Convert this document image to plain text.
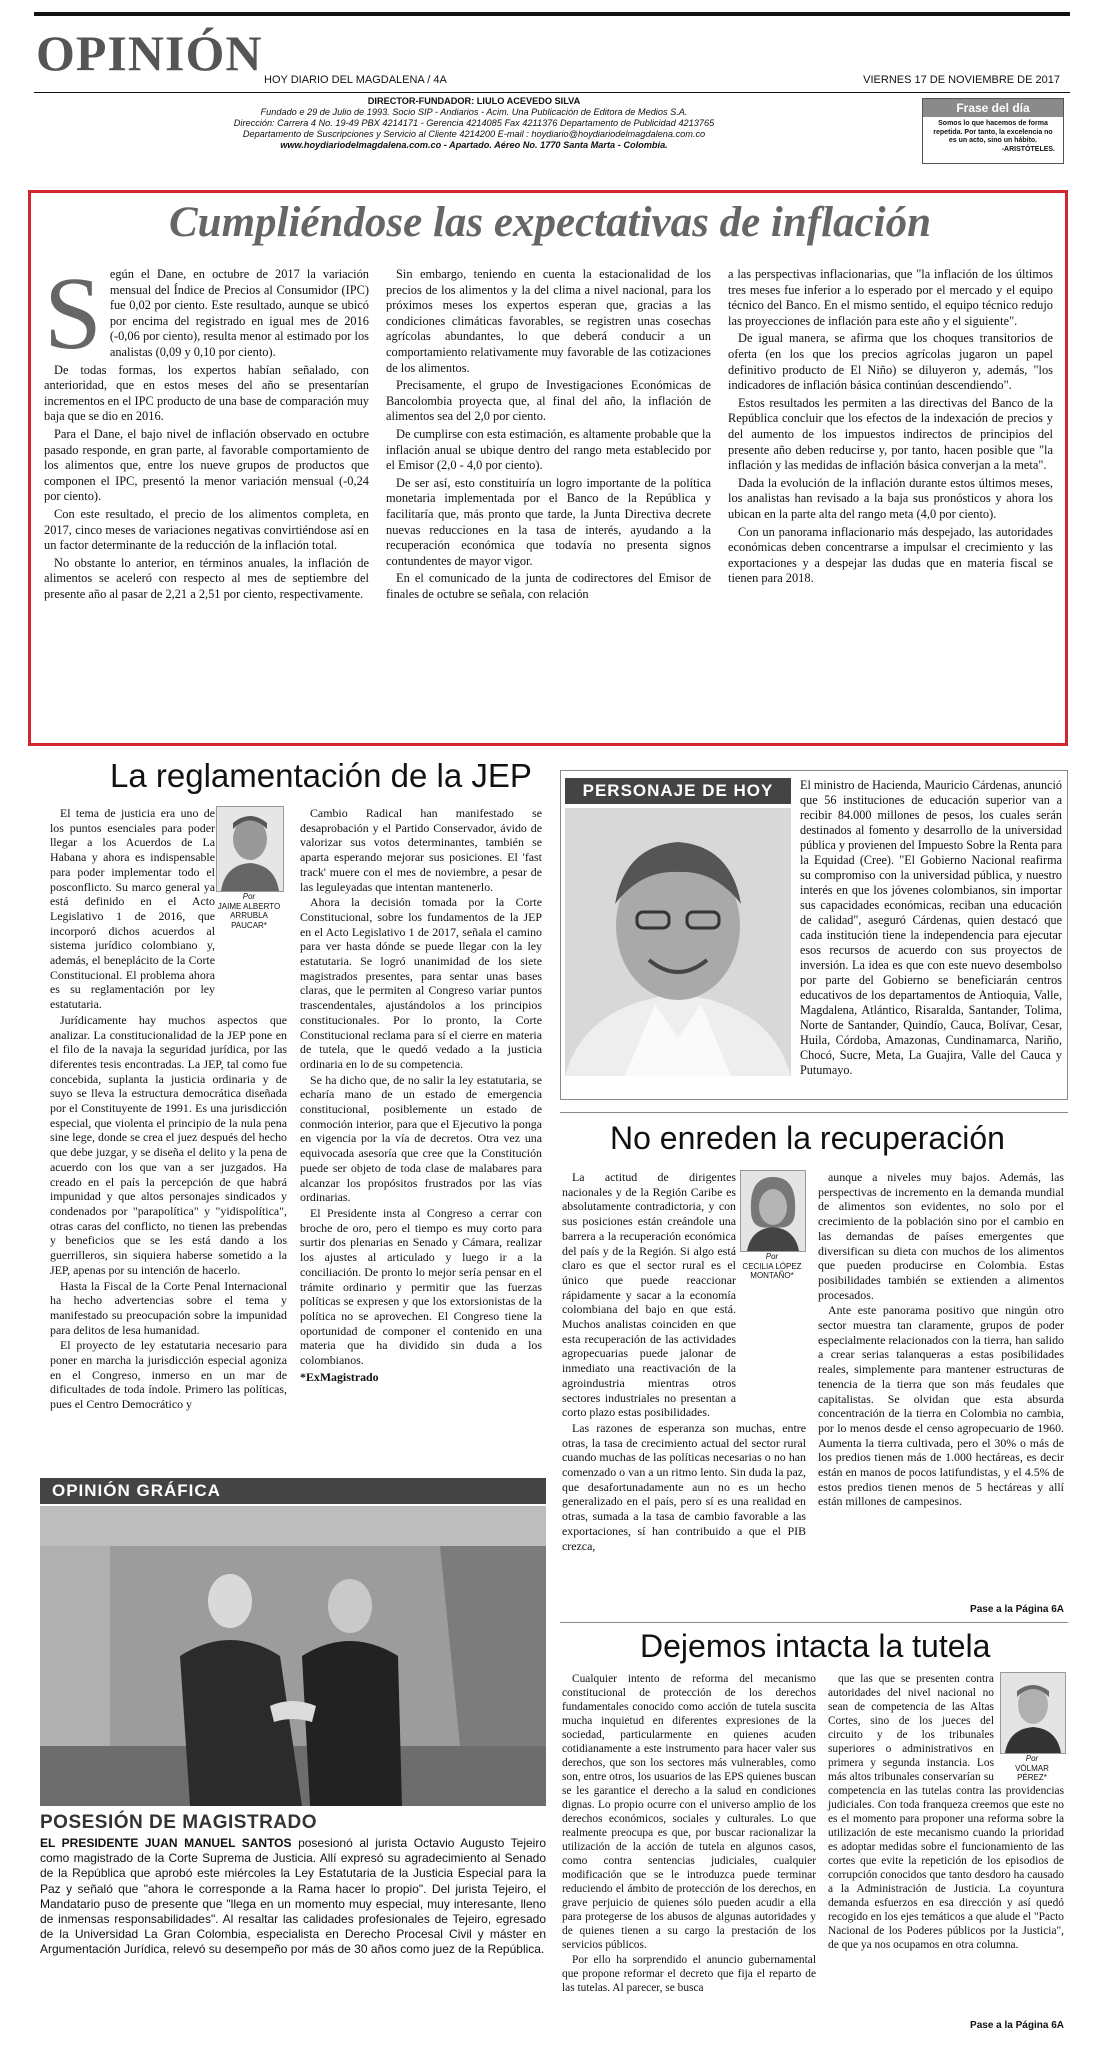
OPINIÓN HOY DIARIO DEL MAGDALENA / 4A	VIERNES 17 DE NOVIEMBRE DE 2017
DIRECTOR-FUNDADOR: LIULO ACEVEDO SILVA
Fundado e 29 de Julio de 1993. Socio SIP - Andiarios - Acim. Una Publicación de Editora de Medios S.A.
Dirección: Carrera 4 No. 19-49 PBX 4214171 - Gerencia 4214085 Fax 4211376 Departamento de Publicidad 4213765
Departamento de Suscripciones y Servicio al Cliente 4214200 E-mail : hoydiario@hoydiariodelmagdalena.com.co
www.hoydiariodelmagdalena.com.co - Apartado. Aéreo No. 1770 Santa Marta - Colombia.
Frase del día
Somos lo que hacemos de forma repetida. Por tanto, la excelencia no es un acto, sino un hábito.
-ARISTÓTELES.
Cumpliéndose las expectativas de inflación
S egún el Dane, en octubre de 2017 la variación mensual del Índice de Precios al Consumidor (IPC) fue 0,02 por ciento. Este resultado, aunque se ubicó por encima del registrado en igual mes de 2016 (-0,06 por ciento), resulta menor al estimado por los analistas (0,09 y 0,10 por ciento).

De todas formas, los expertos habían señalado, con anterioridad, que en estos meses del año se presentarían incrementos en el IPC producto de una base de comparación muy baja que se dio en 2016.

Para el Dane, el bajo nivel de inflación observado en octubre pasado responde, en gran parte, al favorable comportamiento de los alimentos que, entre los nueve grupos de productos que componen el IPC, presentó la menor variación mensual (-0,24 por ciento).

Con este resultado, el precio de los alimentos completa, en 2017, cinco meses de variaciones negativas convirtiéndose así en un factor determinante de la reducción de la inflación total.

No obstante lo anterior, en términos anuales, la inflación de alimentos se aceleró con respecto al mes de septiembre del presente año al pasar de 2,21 a 2,51 por ciento, respectivamente.

Sin embargo, teniendo en cuenta la estacionalidad de los precios de los alimentos y la del clima a nivel nacional, para los próximos meses los expertos esperan que, gracias a las condiciones climáticas favorables, se registren unas cosechas agrícolas abundantes, lo que deberá conducir a un comportamiento relativamente muy favorable de las cotizaciones de los alimentos.

Precisamente, el grupo de Investigaciones Económicas de Bancolombia proyecta que, al final del año, la inflación de alimentos sea del 2,0 por ciento.

De cumplirse con esta estimación, es altamente probable que la inflación anual se ubique dentro del rango meta establecido por el Emisor (2,0 - 4,0 por ciento).

De ser así, esto constituiría un logro importante de la política monetaria implementada por el Banco de la República y facilitaría que, más pronto que tarde, la Junta Directiva decrete nuevas reducciones en la tasa de interés, ayudando a la recuperación económica que todavía no presenta signos contundentes de mayor vigor.

En el comunicado de la junta de codirectores del Emisor de finales de octubre se señala, con relación

a las perspectivas inflacionarias, que "la inflación de los últimos tres meses fue inferior a lo esperado por el mercado y el equipo técnico del Banco. En el mismo sentido, el equipo técnico redujo las proyecciones de inflación para este año y el siguiente".

De igual manera, se afirma que los choques transitorios de oferta (en los que los precios agrícolas jugaron un papel definitivo producto de El Niño) se diluyeron y, además, "los indicadores de inflación básica continúan descendiendo".

Estos resultados les permiten a las directivas del Banco de la República concluir que los efectos de la indexación de precios y del aumento de los impuestos indirectos de principios del presente año deben reducirse y, por tanto, hacen posible que "la inflación y las medidas de inflación básica converjan a la meta".

Dada la evolución de la inflación durante estos últimos meses, los analistas han revisado a la baja sus pronósticos y ahora los ubican en la parte alta del rango meta (4,0 por ciento).

Con un panorama inflacionario más despejado, las autoridades económicas deben concentrarse a impulsar el crecimiento y las exportaciones y a despejar las dudas que en materia fiscal se tienen para 2018.

La reglamentación de la JEP
Por
JAIME ALBERTO ARRUBLA PAUCAR*

El tema de justicia era uno de los puntos esenciales para poder llegar a los Acuerdos de La Habana y ahora es indispensable para poder implementar todo el posconflicto. Su marco general ya está definido en el Acto Legislativo 1 de 2016, que incorporó dichos acuerdos al sistema jurídico colombiano y, además, el beneplácito de la Corte Constitucional. El problema ahora es su reglamentación por ley estatutaria.

Jurídicamente hay muchos aspectos que analizar. La constitucionalidad de la JEP pone en el filo de la navaja la seguridad jurídica, por las diferentes tesis encontradas. La JEP, tal como fue concebida, suplanta la justicia ordinaria y de suyo se lleva la estructura democrática diseñada por el Constituyente de 1991. Es una jurisdicción especial, que violenta el principio de la nula pena sine lege, donde se crea el juez después del hecho que debe juzgar, y se diseña el delito y la pena de acuerdo con los que van a ser juzgados. Ha creado en el país la percepción de que habrá impunidad y que altos personajes sindicados y condenados por "parapolítica" y "yidispolítica", otras caras del conflicto, no tienen las prebendas y beneficios que se les está dando a los guerrilleros, sin siquiera haberse sometido a la JEP, apenas por su intención de hacerlo.

Hasta la Fiscal de la Corte Penal Internacional ha hecho advertencias sobre el tema y manifestado su preocupación sobre la impunidad para delitos de lesa humanidad.

El proyecto de ley estatutaria necesario para poner en marcha la jurisdicción especial agoniza en el Congreso, inmerso en un mar de dificultades de toda índole. Primero las políticas, pues el Centro Democrático y

Cambio Radical han manifestado se desaprobación y el Partido Conservador, ávido de valorizar sus votos determinantes, también se aparta esperando mejorar sus posiciones. El 'fast track' muere con el mes de noviembre, a pesar de las leguleyadas que intentan mantenerlo.

Ahora la decisión tomada por la Corte Constitucional, sobre los fundamentos de la JEP en el Acto Legislativo 1 de 2017, señala el camino para ver hasta dónde se puede llegar con la ley estatutaria. Se logró unanimidad de los siete magistrados presentes, para sentar unas bases claras, que le permiten al Congreso variar puntos trascendentales, ajustándolos a los principios constitucionales. Por lo pronto, la Corte Constitucional reclama para sí el cierre en materia de tutela, que le quedó vedado a la justicia ordinaria en lo de su competencia.

Se ha dicho que, de no salir la ley estatutaria, se echaría mano de un estado de emergencia constitucional, posiblemente un estado de conmoción interior, para que el Ejecutivo la ponga en vigencia por la vía de decretos. Otra vez una equivocada asesoría que cree que la Constitución puede ser objeto de toda clase de malabares para alcanzar los propósitos frustrados por las vías ordinarias.

El Presidente insta al Congreso a cerrar con broche de oro, pero el tiempo es muy corto para surtir dos plenarias en Senado y Cámara, realizar los ajustes al articulado y luego ir a la conciliación. De pronto lo mejor sería pensar en el trámite ordinario y permitir que las fuerzas políticas se expresen y que los extorsionistas de la política no se aprovechen. El Congreso tiene la oportunidad de componer el contenido en una materia que ha dividido sin duda a los colombianos.

*ExMagistrado
PERSONAJE DE HOY	El ministro de Hacienda, Mauricio Cárdenas, anunció que 56 instituciones de educación superior van a recibir 84.000 millones de pesos, los cuales serán destinados al fomento y desarrollo de la universidad pública y provienen del Impuesto Sobre la Renta para la Equidad (Cree). "El Gobierno Nacional reafirma su compromiso con la universidad pública, y nuestro interés en que los jóvenes colombianos, sin importar sus capacidades económicas, reciban una educación de calidad", aseguró Cárdenas, quien destacó que cada institución tiene la independencia para ejecutar esos recursos de acuerdo con sus proyectos de inversión. La idea es que con este nuevo desembolso por parte del Gobierno se beneficiarán centros educativos de los departamentos de Antioquia, Valle, Magdalena, Atlántico, Risaralda, Santander, Tolima, Norte de Santander, Quindío, Cauca, Bolívar, Cesar, Huila, Córdoba, Amazonas, Cundinamarca, Nariño, Chocó, Sucre, Meta, La Guajira, Valle del Cauca y Putumayo.
No enreden la recuperación
Por
CECILIA LÓPEZ MONTAÑO*

La actitud de dirigentes nacionales y de la Región Caribe es absolutamente contradictoria, y con sus posiciones están creándole una barrera a la recuperación económica del país y de la Región. Si algo está claro es que el sector rural es el único que puede reaccionar rápidamente y sacar a la economía colombiana del bajo en que está. Muchos analistas coinciden en que esta recuperación de las actividades agropecuarias puede jalonar de inmediato una reactivación de la agroindustria mientras otros sectores industriales no presentan a corto plazo estas posibilidades.

Las razones de esperanza son muchas, entre otras, la tasa de crecimiento actual del sector rural cuando muchas de las políticas necesarias o no han comenzado o van a un ritmo lento. Sin duda la paz, que desafortunadamente aun no es un hecho generalizado en el país, pero sí es una realidad en otras, sumada a la tasa de cambio favorable a las exportaciones, sí han contribuido a que el PIB crezca,

aunque a niveles muy bajos. Además, las perspectivas de incremento en la demanda mundial de alimentos son evidentes, no solo por el crecimiento de la población sino por el cambio en las demandas de países emergentes que diversifican su dieta con muchos de los alimentos que pueden producirse en Colombia. Estas posibilidades también se extienden a alimentos procesados.

Ante este panorama positivo que ningún otro sector muestra tan claramente, grupos de poder especialmente relacionados con la tierra, han salido a crear serias talanqueras a estas posibilidades reales, simplemente para mantener estructuras de tenencia de la tierra que son más feudales que capitalistas. Se olvidan que esta absurda concentración de la tierra en Colombia no cambia, por lo menos desde el censo agropecuario de 1960. Aumenta la tierra cultivada, pero el 30% o más de los predios tienen más de 1.000 hectáreas, es decir están en manos de pocos latifundistas, y el 4.5% de estos predios tienen menos de 5 hectáreas y allí están millones de campesinos.

Pase a la Página 6A
OPINIÓN GRÁFICA
POSESIÓN DE MAGISTRADO
EL PRESIDENTE JUAN MANUEL SANTOS posesionó al jurista Octavio Augusto Tejeiro como magistrado de la Corte Suprema de Justicia. Allí expresó su agradecimiento al Senado de la República que aprobó este miércoles la Ley Estatutaria de la Justicia Especial para la Paz y señaló que "ahora le corresponde a la Rama hacer lo propio". Del jurista Tejeiro, el Mandatario puso de presente que "llega en un momento muy especial, muy interesante, lleno de inmensas responsabilidades". Al resaltar las calidades profesionales de Tejeiro, egresado de la Universidad La Gran Colombia, especialista en Derecho Procesal Civil y máster en Argumentación Jurídica, relevó su desempeño por más de 30 años como juez de la República.
Dejemos intacta la tutela
Por
VÓLMAR PÉREZ*

Cualquier intento de reforma del mecanismo constitucional de protección de los derechos fundamentales conocido como acción de tutela suscita mucha inquietud en diferentes expresiones de la sociedad, particularmente en quienes acuden cotidianamente a este instrumento para hacer valer sus derechos, que son los sectores más vulnerables, como son, entre otros, los usuarios de las EPS quienes buscan se les garantice el derecho a la salud en condiciones dignas. Lo propio ocurre con el universo amplio de los derechos económicos, sociales y culturales. Lo que realmente preocupa es que, por buscar racionalizar la utilización de la acción de tutela en algunos casos, como contra sentencias judiciales, cualquier modificación que se le introduzca puede terminar reduciendo el ámbito de protección de los derechos, en grave perjuicio de quienes sólo pueden acudir a ella para protegerse de los abusos de algunas autoridades y de quienes tienen a su cargo la prestación de los servicios públicos.

Por ello ha sorprendido el anuncio gubernamental que propone reformar el decreto que fija el reparto de las tutelas. Al parecer, se busca

que las que se presenten contra autoridades del nivel nacional no sean de competencia de las Altas Cortes, sino de los jueces del circuito y de los tribunales superiores o administrativos en primera y segunda instancia. Los más altos tribunales conservarían su competencia en las tutelas contra las providencias judiciales. Con toda franqueza creemos que este no es el momento para proponer una reforma sobre la utilización de este mecanismo cuando la prioridad es adoptar medidas sobre el funcionamiento de las cortes que evite la repetición de los episodios de corrupción conocidos que tanto desdoro ha causado a la Administración de Justicia. La coyuntura demanda esfuerzos en esa dirección y así quedó recogido en los ejes temáticos a que alude el "Pacto Nacional de los Poderes públicos por la Justicia", de que ya nos ocupamos en otra columna.

Pase a la Página 6A
